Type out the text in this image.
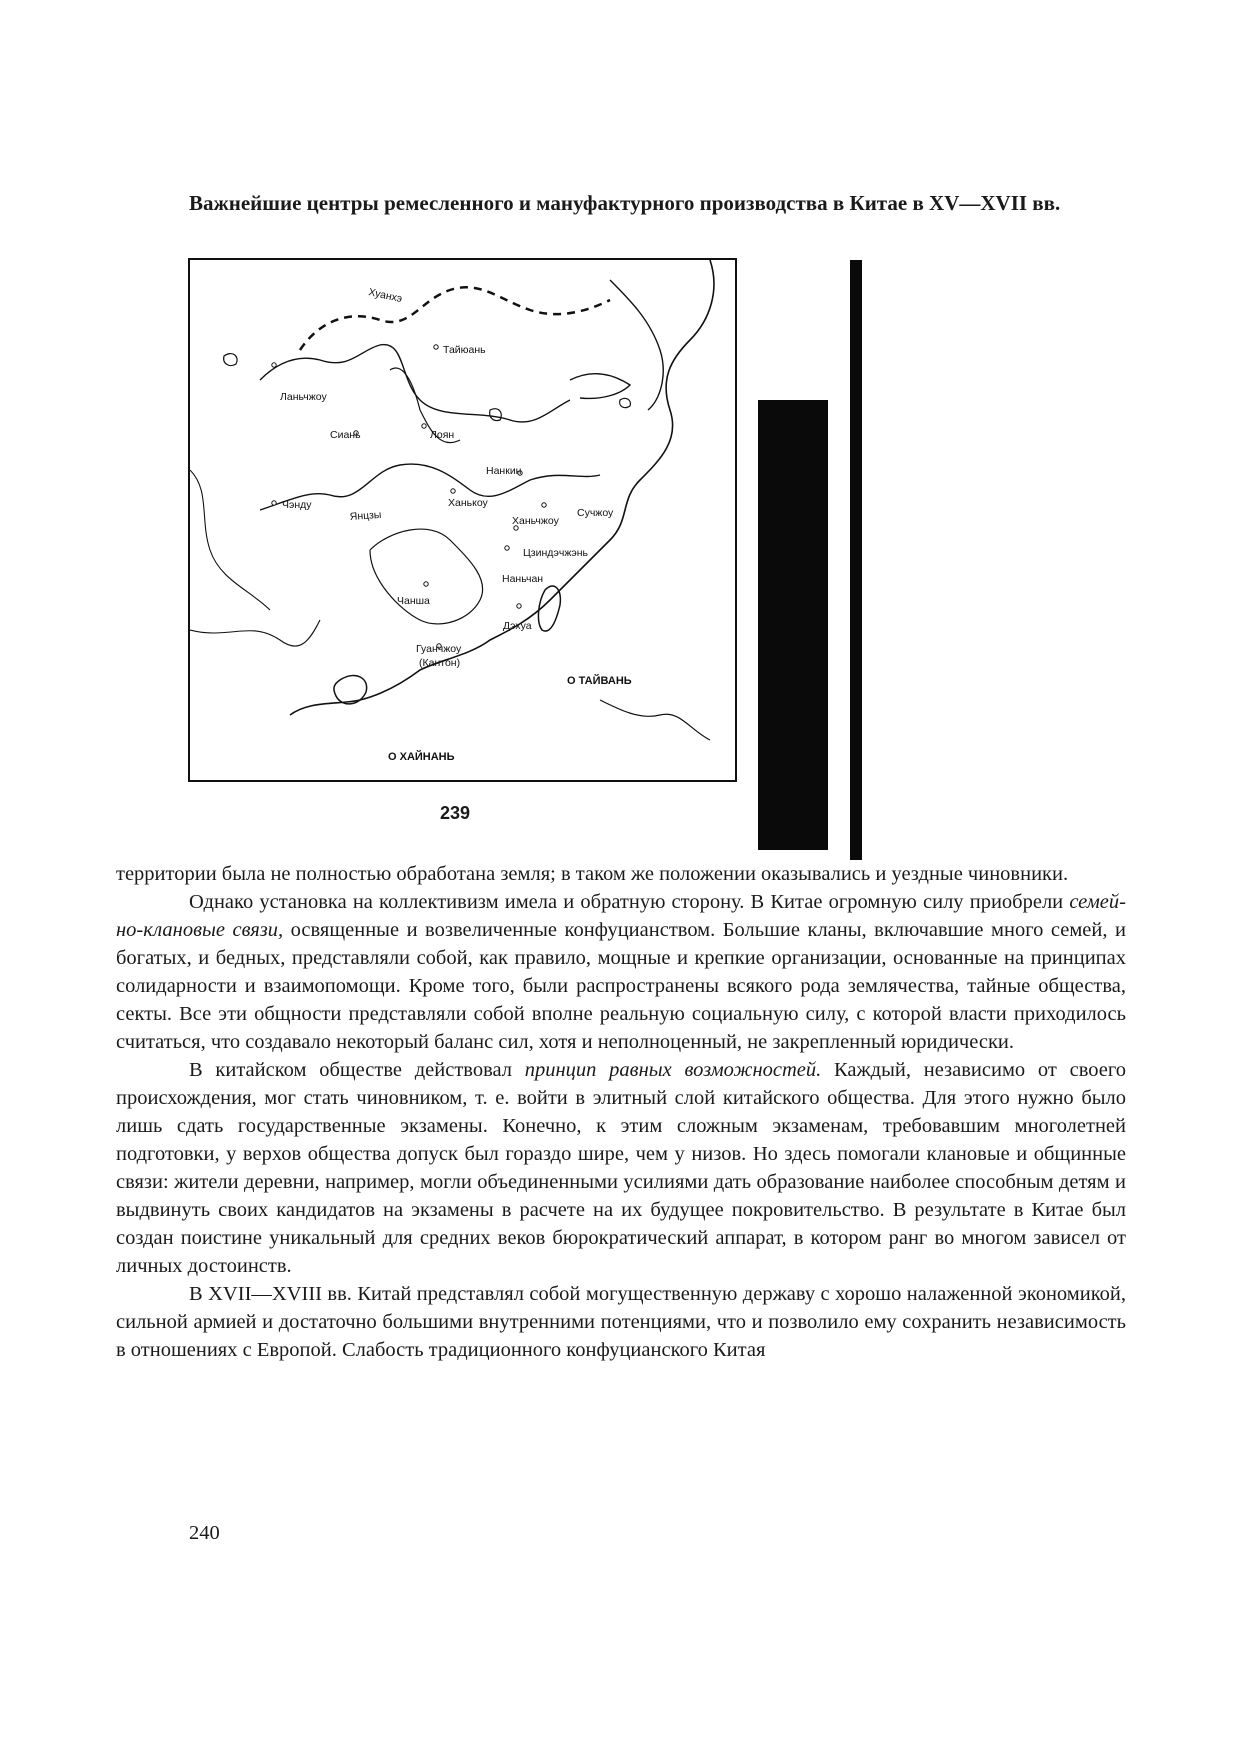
Важнейшие центры ремесленного и мануфактурного производства в Китае в XV—XVII вв.
Хуанхэ
Тайюань
Ланьчжоу
Сиань	Лоян
Нанкин
Чэнду
Янцзы
Ханькоу
Сучжоу
Ханьчжоу
Цзиндэчжэнь
Наньчан
Чанша
Дэхуа
Гуанчжоу
(Кантон)
О ТАЙВАНЬ
О ХАЙНАНЬ
239

территории была не полностью обработана земля; в таком же положении оказывались и уездные чиновники.

Однако установка на коллективизм имела и обратную сторону. В Китае огромную силу приобрели семей-но-клановые связи, освященные и возвеличенные конфуцианством. Большие кланы, включавшие много семей, и богатых, и бедных, представляли собой, как правило, мощные и крепкие организации, основанные на принципах солидарности и взаимопомощи. Кроме того, были распространены всякого рода землячества, тайные общества, секты. Все эти общности представляли собой вполне реальную социальную силу, с которой власти приходилось считаться, что создавало некоторый баланс сил, хотя и неполноценный, не закрепленный юридически.

В китайском обществе действовал принцип равных возможностей. Каждый, независимо от своего происхождения, мог стать чиновником, т. е. войти в элитный слой китайского общества. Для этого нужно было лишь сдать государственные экзамены. Конечно, к этим сложным экзаменам, требовавшим многолетней подготовки, у верхов общества допуск был гораздо шире, чем у низов. Но здесь помогали клановые и общинные связи: жители деревни, например, могли объединенными усилиями дать образование наиболее способным детям и выдвинуть своих кандидатов на экзамены в расчете на их будущее покровительство. В результате в Китае был создан поистине уникальный для средних веков бюрократический аппарат, в котором ранг во многом зависел от личных достоинств.

В XVII—XVIII вв. Китай представлял собой могущественную державу с хорошо налаженной экономикой, сильной армией и достаточно большими внутренними потенциями, что и позволило ему сохранить независимость в отношениях с Европой. Слабость традиционного конфуцианского Китая

240
